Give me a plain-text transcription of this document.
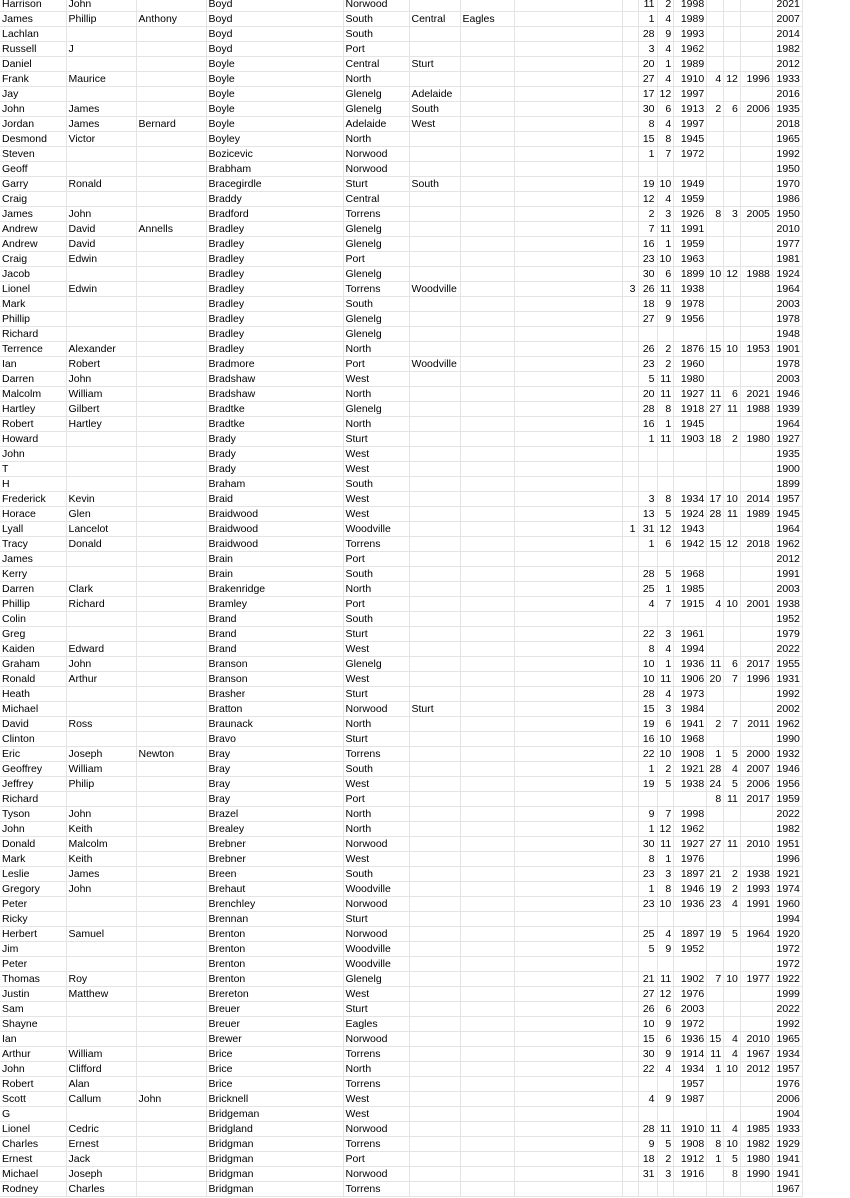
Harrison	John		Boyd	Norwood					11	2	1998				2021
James	Phillip	Anthony	Boyd	South	Central	Eagles			1	4	1989				2007
Lachlan			Boyd	South					28	9	1993				2014
Russell	J		Boyd	Port					3	4	1962				1982
Daniel			Boyle	Central	Sturt				20	1	1989				2012
Frank	Maurice		Boyle	North					27	4	1910	4	12	1996	1933
Jay			Boyle	Glenelg	Adelaide				17	12	1997				2016
John	James		Boyle	Glenelg	South				30	6	1913	2	6	2006	1935
Jordan	James	Bernard	Boyle	Adelaide	West				8	4	1997				2018
Desmond	Victor		Boyley	North					15	8	1945				1965
Steven			Bozicevic	Norwood					1	7	1972				1992
Geoff			Brabham	Norwood											1950
Garry	Ronald		Bracegirdle	Sturt	South				19	10	1949				1970
Craig			Braddy	Central					12	4	1959				1986
James	John		Bradford	Torrens					2	3	1926	8	3	2005	1950
Andrew	David	Annells	Bradley	Glenelg					7	11	1991				2010
Andrew	David		Bradley	Glenelg					16	1	1959				1977
Craig	Edwin		Bradley	Port					23	10	1963				1981
Jacob			Bradley	Glenelg					30	6	1899	10	12	1988	1924
Lionel	Edwin		Bradley	Torrens	Woodville			3	26	11	1938				1964
Mark			Bradley	South					18	9	1978				2003
Phillip			Bradley	Glenelg					27	9	1956				1978
Richard			Bradley	Glenelg											1948
Terrence	Alexander		Bradley	North					26	2	1876	15	10	1953	1901
Ian	Robert		Bradmore	Port	Woodville				23	2	1960				1978
Darren	John		Bradshaw	West					5	11	1980				2003
Malcolm	William		Bradshaw	North					20	11	1927	11	6	2021	1946
Hartley	Gilbert		Bradtke	Glenelg					28	8	1918	27	11	1988	1939
Robert	Hartley		Bradtke	North					16	1	1945				1964
Howard			Brady	Sturt					1	11	1903	18	2	1980	1927
John			Brady	West											1935
T			Brady	West											1900
H			Braham	South											1899
Frederick	Kevin		Braid	West					3	8	1934	17	10	2014	1957
Horace	Glen		Braidwood	West					13	5	1924	28	11	1989	1945
Lyall	Lancelot		Braidwood	Woodville				1	31	12	1943				1964
Tracy	Donald		Braidwood	Torrens					1	6	1942	15	12	2018	1962
James			Brain	Port											2012
Kerry			Brain	South					28	5	1968				1991
Darren	Clark		Brakenridge	North					25	1	1985				2003
Phillip	Richard		Bramley	Port					4	7	1915	4	10	2001	1938
Colin			Brand	South											1952
Greg			Brand	Sturt					22	3	1961				1979
Kaiden	Edward		Brand	West					8	4	1994				2022
Graham	John		Branson	Glenelg					10	1	1936	11	6	2017	1955
Ronald	Arthur		Branson	West					10	11	1906	20	7	1996	1931
Heath			Brasher	Sturt					28	4	1973				1992
Michael			Bratton	Norwood	Sturt				15	3	1984				2002
David	Ross		Braunack	North					19	6	1941	2	7	2011	1962
Clinton			Bravo	Sturt					16	10	1968				1990
Eric	Joseph	Newton	Bray	Torrens					22	10	1908	1	5	2000	1932
Geoffrey	William		Bray	South					1	2	1921	28	4	2007	1946
Jeffrey	Philip		Bray	West					19	5	1938	24	5	2006	1956
Richard			Bray	Port								8	11	2017	1959
Tyson	John		Brazel	North					9	7	1998				2022
John	Keith		Brealey	North					1	12	1962				1982
Donald	Malcolm		Brebner	Norwood					30	11	1927	27	11	2010	1951
Mark	Keith		Brebner	West					8	1	1976				1996
Leslie	James		Breen	South					23	3	1897	21	2	1938	1921
Gregory	John		Brehaut	Woodville					1	8	1946	19	2	1993	1974
Peter			Brenchley	Norwood					23	10	1936	23	4	1991	1960
Ricky			Brennan	Sturt											1994
Herbert	Samuel		Brenton	Norwood					25	4	1897	19	5	1964	1920
Jim			Brenton	Woodville					5	9	1952				1972
Peter			Brenton	Woodville											1972
Thomas	Roy		Brenton	Glenelg					21	11	1902	7	10	1977	1922
Justin	Matthew		Brereton	West					27	12	1976				1999
Sam			Breuer	Sturt					26	6	2003				2022
Shayne			Breuer	Eagles					10	9	1972				1992
Ian			Brewer	Norwood					15	6	1936	15	4	2010	1965
Arthur	William		Brice	Torrens					30	9	1914	11	4	1967	1934
John	Clifford		Brice	North					22	4	1934	1	10	2012	1957
Robert	Alan		Brice	Torrens							1957				1976
Scott	Callum	John	Bricknell	West					4	9	1987				2006
G			Bridgeman	West											1904
Lionel	Cedric		Bridgland	Norwood					28	11	1910	11	4	1985	1933
Charles	Ernest		Bridgman	Torrens					9	5	1908	8	10	1982	1929
Ernest	Jack		Bridgman	Port					18	2	1912	1	5	1980	1941
Michael	Joseph		Bridgman	Norwood					31	3	1916		8	1990	1941
Rodney	Charles		Bridgman	Torrens											1967
